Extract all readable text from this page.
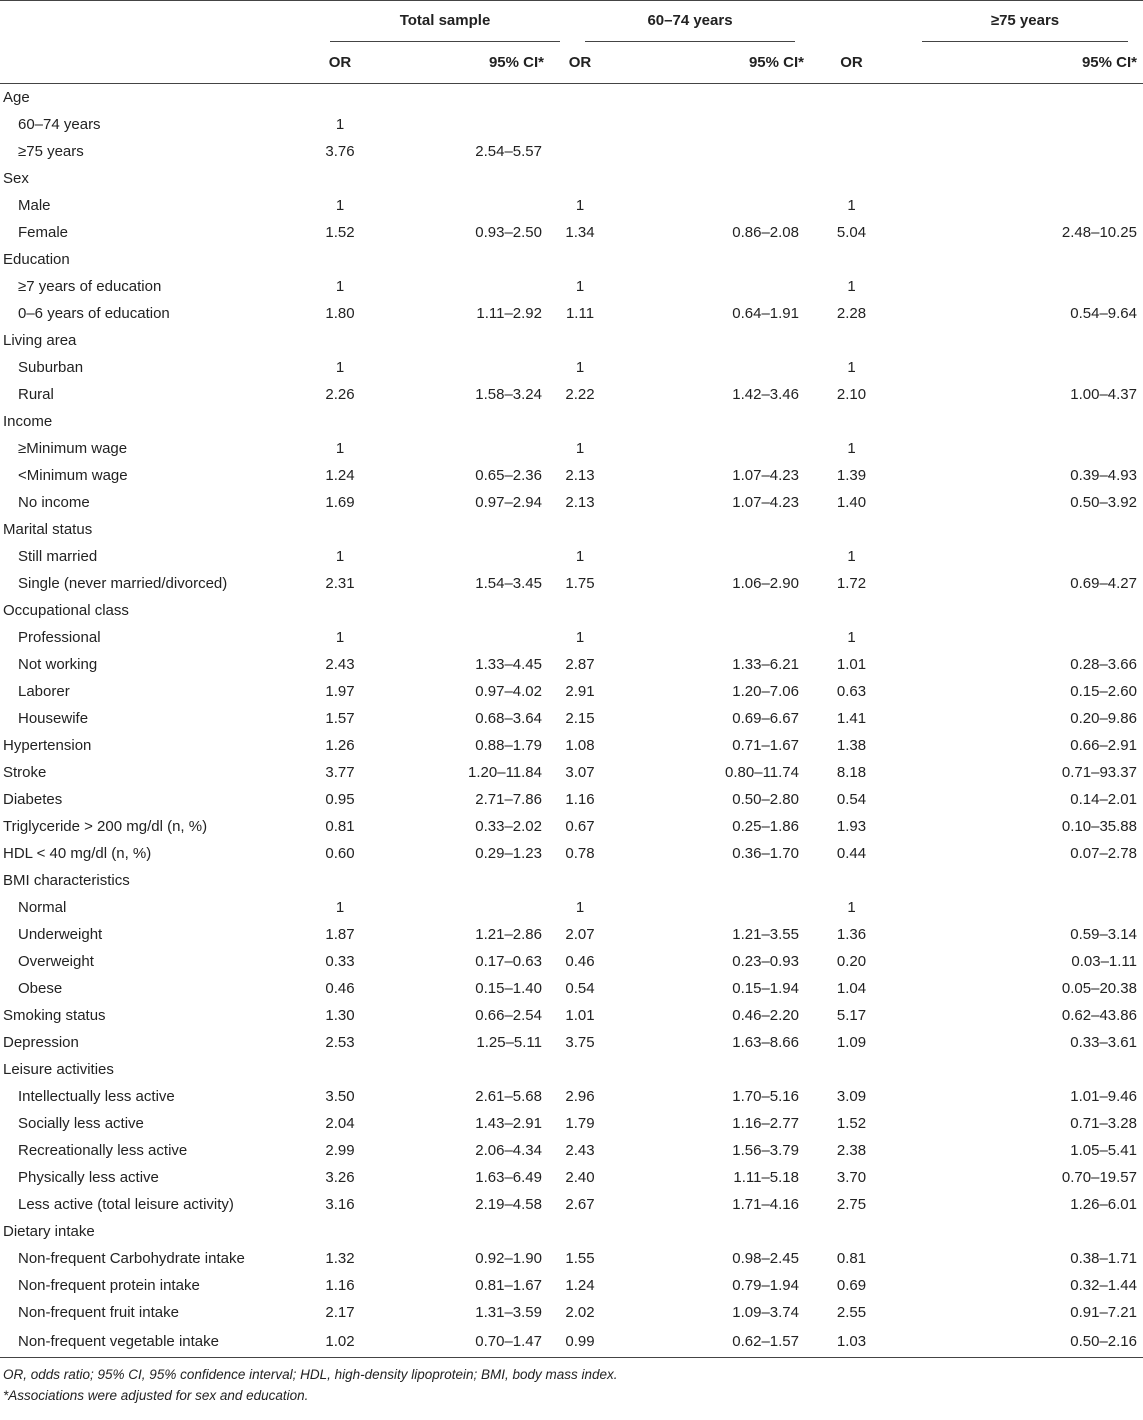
	Total sample		60–74 years		≥75 years	

	OR	95% CI*	OR	95% CI*	OR	95% CI*
Age						
60–74 years	1					
≥75 years	3.76	2.54–5.57				
Sex						
Male	1		1		1	
Female	1.52	0.93–2.50	1.34	0.86–2.08	5.04	2.48–10.25
Education						
≥7 years of education	1		1		1	
0–6 years of education	1.80	1.11–2.92	1.11	0.64–1.91	2.28	0.54–9.64
Living area						
Suburban	1		1		1	
Rural	2.26	1.58–3.24	2.22	1.42–3.46	2.10	1.00–4.37
Income						
≥Minimum wage	1		1		1	
<Minimum wage	1.24	0.65–2.36	2.13	1.07–4.23	1.39	0.39–4.93
No income	1.69	0.97–2.94	2.13	1.07–4.23	1.40	0.50–3.92
Marital status						
Still married	1		1		1	
Single (never married/divorced)	2.31	1.54–3.45	1.75	1.06–2.90	1.72	0.69–4.27
Occupational class						
Professional	1		1		1	
Not working	2.43	1.33–4.45	2.87	1.33–6.21	1.01	0.28–3.66
Laborer	1.97	0.97–4.02	2.91	1.20–7.06	0.63	0.15–2.60
Housewife	1.57	0.68–3.64	2.15	0.69–6.67	1.41	0.20–9.86
Hypertension	1.26	0.88–1.79	1.08	0.71–1.67	1.38	0.66–2.91
Stroke	3.77	1.20–11.84	3.07	0.80–11.74	8.18	0.71–93.37
Diabetes	0.95	2.71–7.86	1.16	0.50–2.80	0.54	0.14–2.01
Triglyceride > 200 mg/dl (n, %)	0.81	0.33–2.02	0.67	0.25–1.86	1.93	0.10–35.88
HDL < 40 mg/dl (n, %)	0.60	0.29–1.23	0.78	0.36–1.70	0.44	0.07–2.78
BMI characteristics						
Normal	1		1		1	
Underweight	1.87	1.21–2.86	2.07	1.21–3.55	1.36	0.59–3.14
Overweight	0.33	0.17–0.63	0.46	0.23–0.93	0.20	0.03–1.11
Obese	0.46	0.15–1.40	0.54	0.15–1.94	1.04	0.05–20.38
Smoking status	1.30	0.66–2.54	1.01	0.46–2.20	5.17	0.62–43.86
Depression	2.53	1.25–5.11	3.75	1.63–8.66	1.09	0.33–3.61
Leisure activities						
Intellectually less active	3.50	2.61–5.68	2.96	1.70–5.16	3.09	1.01–9.46
Socially less active	2.04	1.43–2.91	1.79	1.16–2.77	1.52	0.71–3.28
Recreationally less active	2.99	2.06–4.34	2.43	1.56–3.79	2.38	1.05–5.41
Physically less active	3.26	1.63–6.49	2.40	1.11–5.18	3.70	0.70–19.57
Less active (total leisure activity)	3.16	2.19–4.58	2.67	1.71–4.16	2.75	1.26–6.01
Dietary intake						
Non-frequent Carbohydrate intake	1.32	0.92–1.90	1.55	0.98–2.45	0.81	0.38–1.71
Non-frequent protein intake	1.16	0.81–1.67	1.24	0.79–1.94	0.69	0.32–1.44
Non-frequent fruit intake	2.17	1.31–3.59	2.02	1.09–3.74	2.55	0.91–7.21
Non-frequent vegetable intake	1.02	0.70–1.47	0.99	0.62–1.57	1.03	0.50–2.16

OR, odds ratio; 95% CI, 95% confidence interval; HDL, high-density lipoprotein; BMI, body mass index.

*Associations were adjusted for sex and education.
